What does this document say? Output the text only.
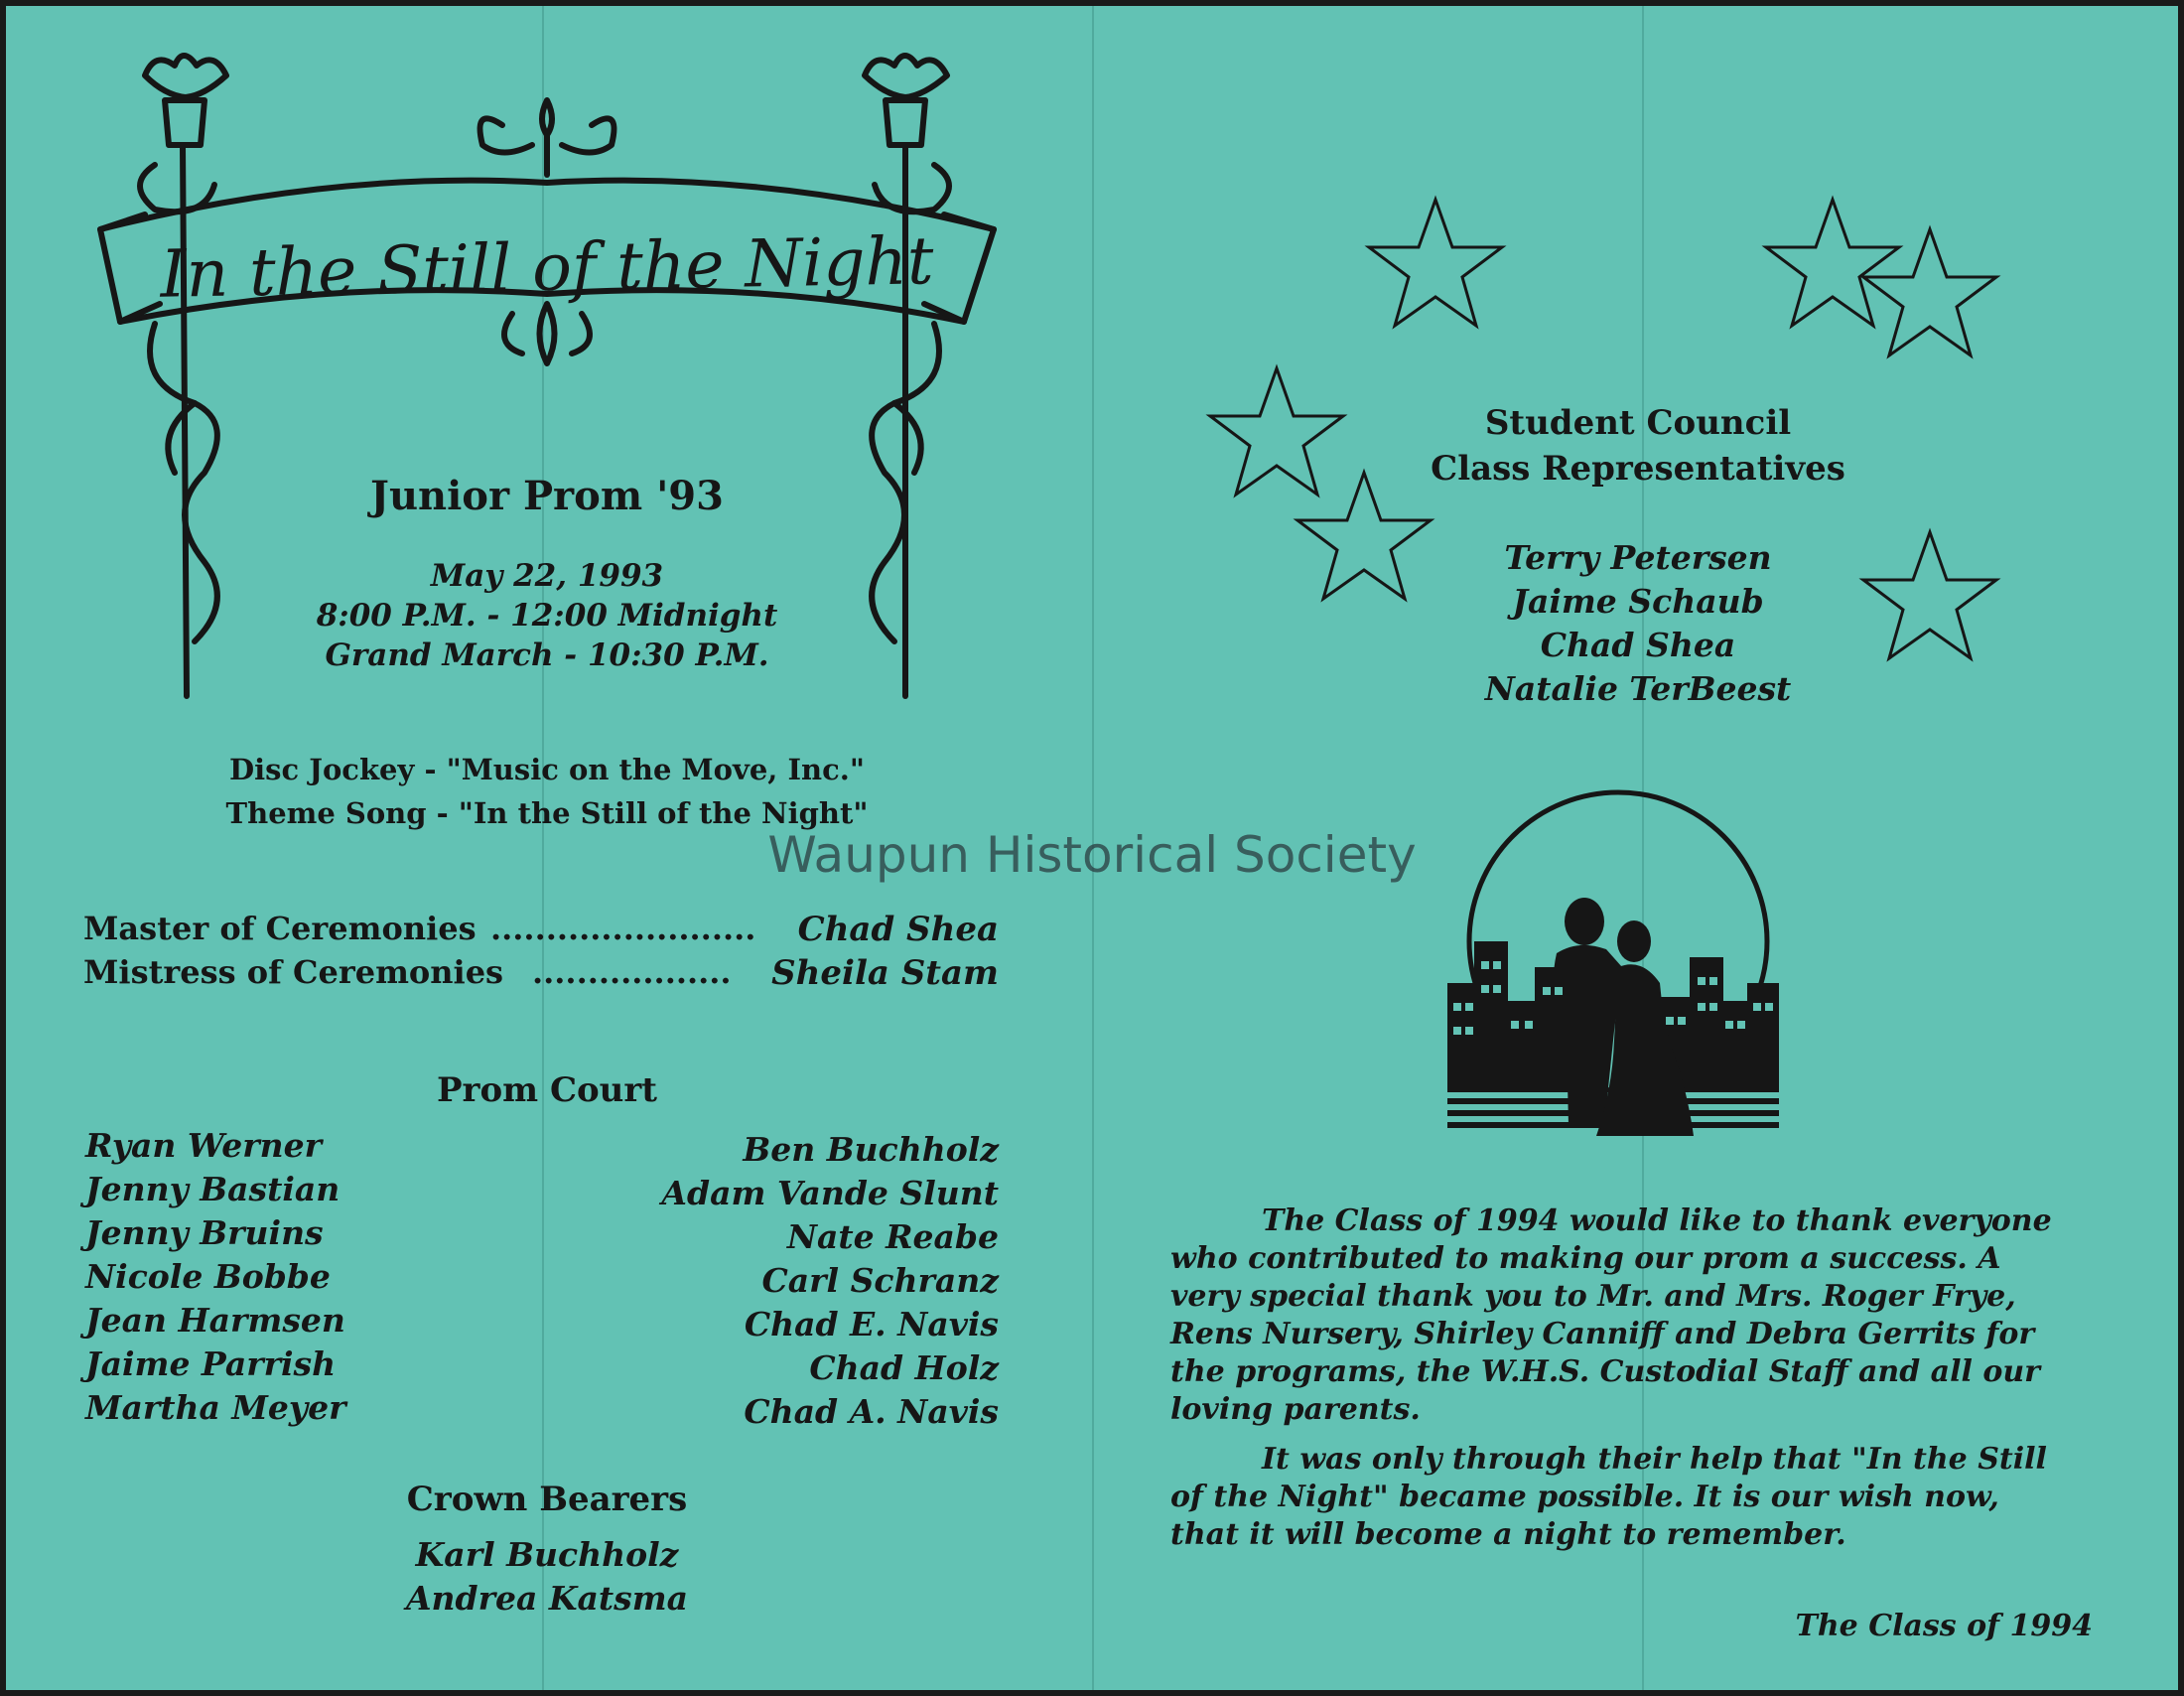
In the Still of the Night
Junior Prom '93
May 22, 1993
8:00 P.M. - 12:00 Midnight
Grand March - 10:30 P.M.
Disc Jockey - "Music on the Move, Inc."
Theme Song - "In the Still of the Night"
Master of Ceremonies ........................ Chad Shea
Mistress of Ceremonies .................. Sheila Stam
Prom Court
Ryan Werner
Jenny Bastian
Jenny Bruins
Nicole Bobbe
Jean Harmsen
Jaime Parrish
Martha Meyer
Ben Buchholz
Adam Vande Slunt
Nate Reabe
Carl Schranz
Chad E. Navis
Chad Holz
Chad A. Navis
Crown Bearers
Karl Buchholz
Andrea Katsma
Student Council
Class Representatives
Terry Petersen
Jaime Schaub
Chad Shea
Natalie TerBeest
The Class of 1994 would like to thank everyone
who contributed to making our prom a success. A
very special thank you to Mr. and Mrs. Roger Frye,
Rens Nursery, Shirley Canniff and Debra Gerrits for
the programs, the W.H.S. Custodial Staff and all our
loving parents.
It was only through their help that "In the Still
of the Night" became possible. It is our wish now,
that it will become a night to remember.
The Class of 1994
Waupun Historical Society
